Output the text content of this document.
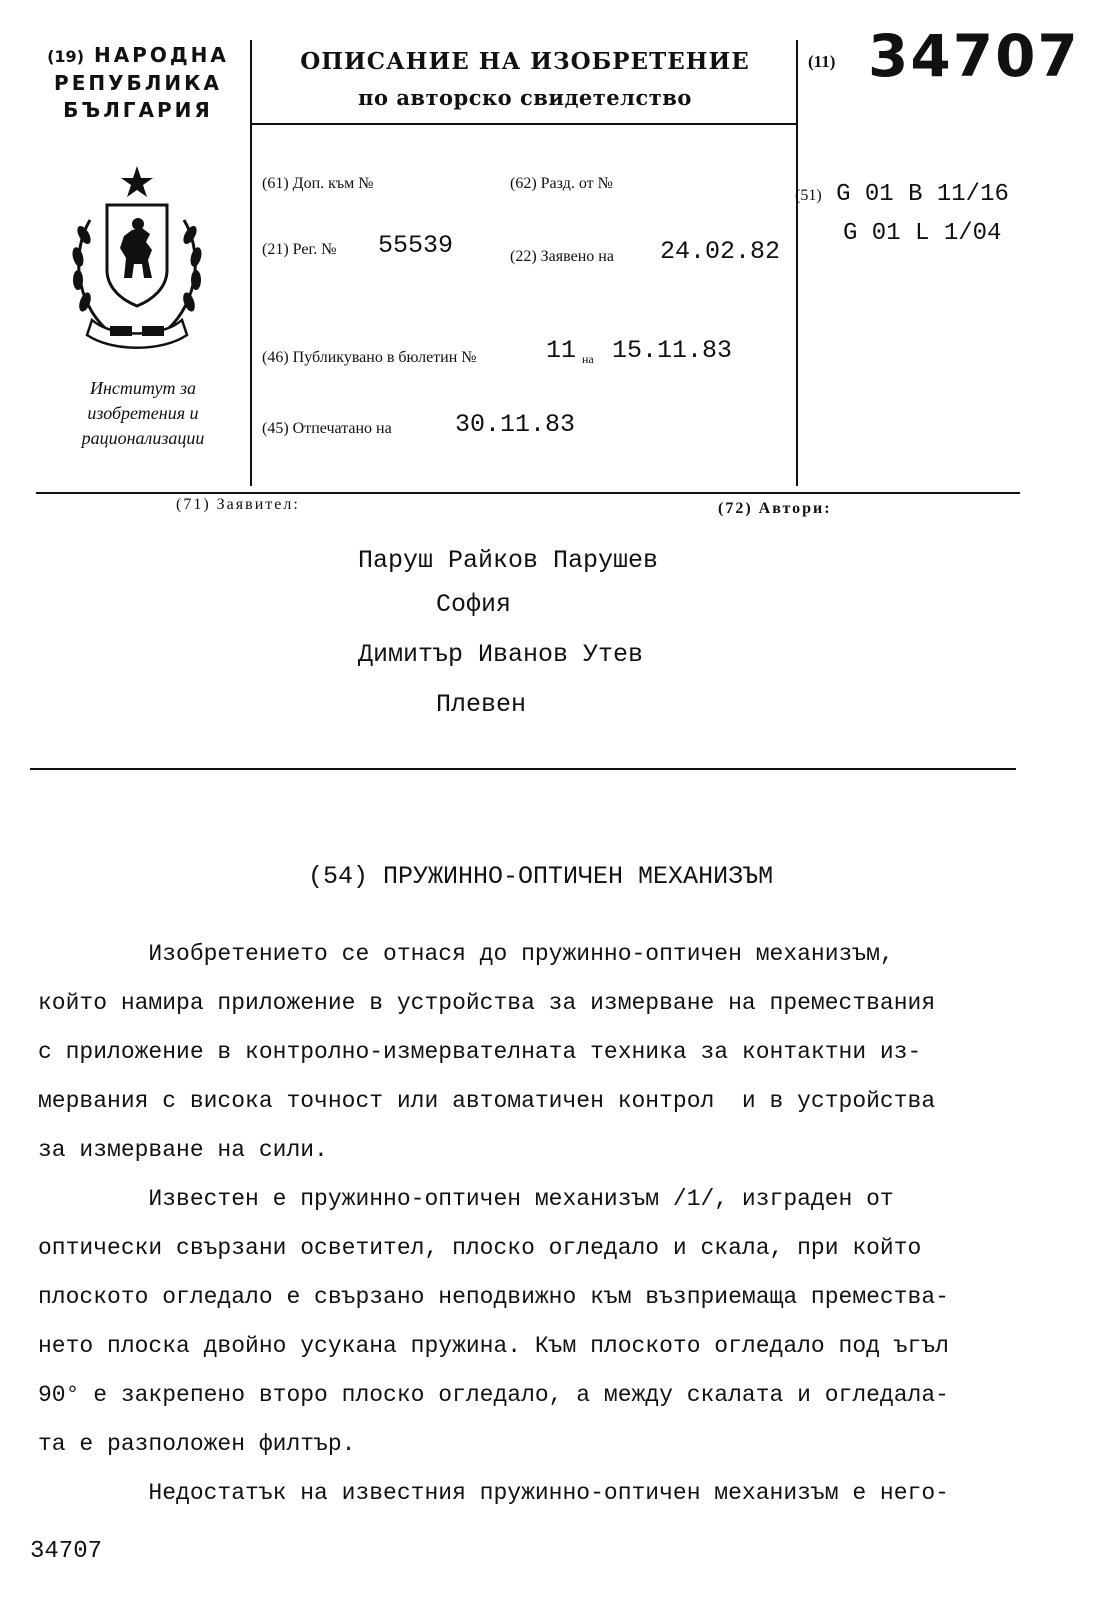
(19) НАРОДНА
РЕПУБЛИКА
БЪЛГАРИЯ
Институт за
изобретения и
рационализации
ОПИСАНИЕ НА ИЗОБРЕТЕНИЕ
по авторско свидетелство
(11) 34707
(61) Доп. към №	(62) Разд. от №
(21) Рег. № 55539	(22) Заявено на 24.02.82
(46) Публикувано в бюлетин №	11 на 15.11.83
(45) Отпечатано на	30.11.83
(51) G 01 B 11/16
G 01 L 1/04
(71) Заявител:	(72) Автори:
Паруш Райков Парушев
София
Димитър Иванов Утев
Плевен
(54) ПРУЖИННО-ОПТИЧЕН МЕХАНИЗЪМ
Изобретението се отнася до пружинно-оптичен механизъм,
който намира приложение в устройства за измерване на премествания
с приложение в контролно-измервателната техника за контактни из-
мервания с висока точност или автоматичен контрол  и в устройства
за измерване на сили.
Известен е пружинно-оптичен механизъм /1/, изграден от
оптически свързани осветител, плоско огледало и скала, при който
плоското огледало е свързано неподвижно към възприемаща премества-
нето плоска двойно усукана пружина. Към плоското огледало под ъгъл
90° е закрепено второ плоско огледало, а между скалата и огледала-
та е разположен филтър.
Недостатък на известния пружинно-оптичен механизъм е него-
34707
